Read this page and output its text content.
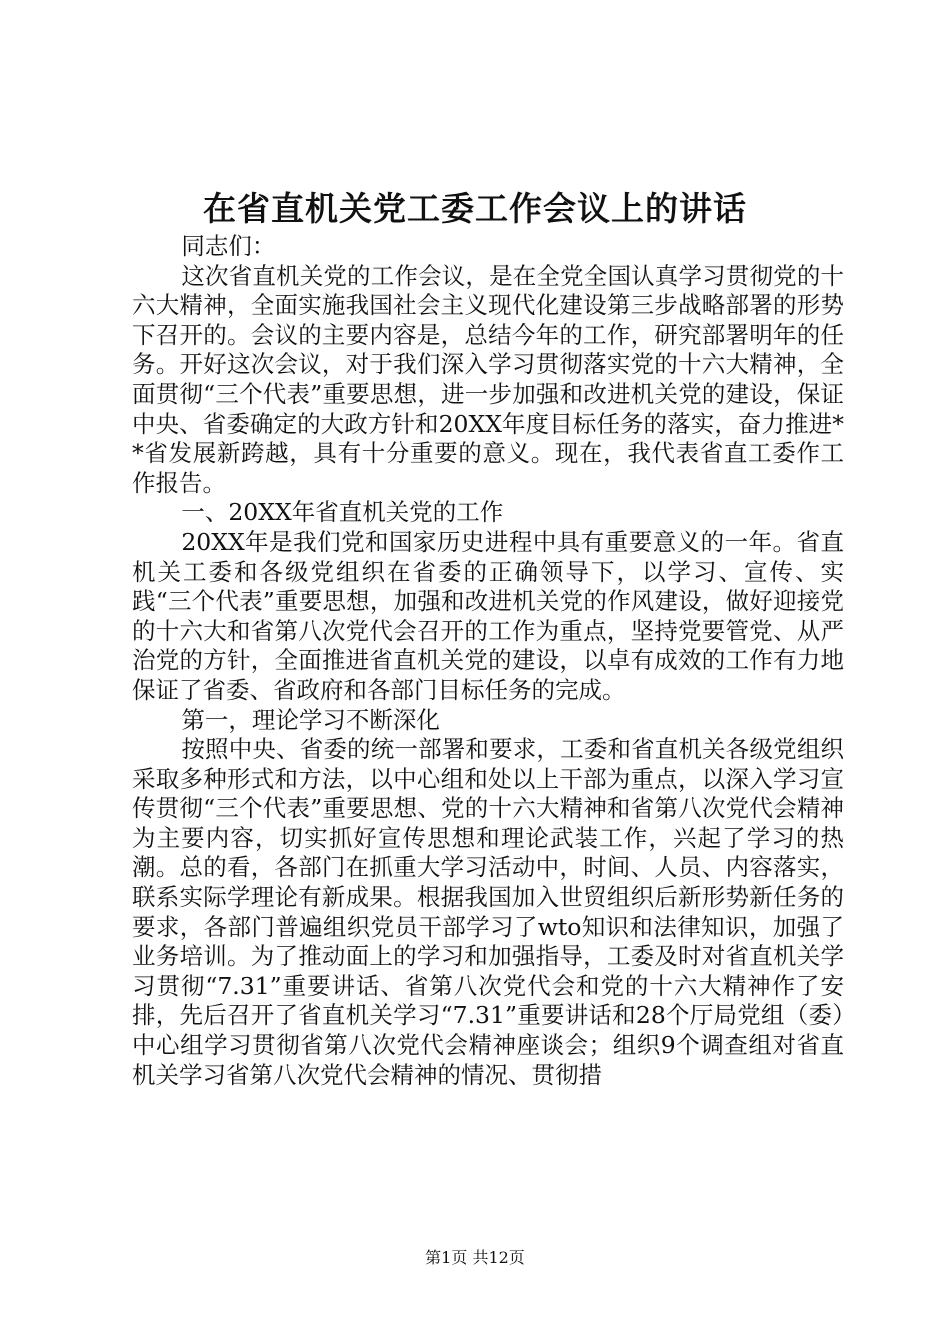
在省直机关党工委工作会议上的讲话

同志们：

这次省直机关党的工作会议，是在全党全国认真学习贯彻党的十六大精神，全面实施我国社会主义现代化建设第三步战略部署的形势下召开的。会议的主要内容是，总结今年的工作，研究部署明年的任务。开好这次会议，对于我们深入学习贯彻落实党的十六大精神，全面贯彻“三个代表”重要思想，进一步加强和改进机关党的建设，保证中央、省委确定的大政方针和20XX年度目标任务的落实，奋力推进**省发展新跨越，具有十分重要的意义。现在，我代表省直工委作工作报告。

一、20XX年省直机关党的工作

20XX年是我们党和国家历史进程中具有重要意义的一年。省直机关工委和各级党组织在省委的正确领导下，以学习、宣传、实践“三个代表”重要思想，加强和改进机关党的作风建设，做好迎接党的十六大和省第八次党代会召开的工作为重点，坚持党要管党、从严治党的方针，全面推进省直机关党的建设，以卓有成效的工作有力地保证了省委、省政府和各部门目标任务的完成。

第一，理论学习不断深化

按照中央、省委的统一部署和要求，工委和省直机关各级党组织采取多种形式和方法，以中心组和处以上干部为重点，以深入学习宣传贯彻“三个代表”重要思想、党的十六大精神和省第八次党代会精神为主要内容，切实抓好宣传思想和理论武装工作，兴起了学习的热潮。总的看，各部门在抓重大学习活动中，时间、人员、内容落实，联系实际学理论有新成果。根据我国加入世贸组织后新形势新任务的要求，各部门普遍组织党员干部学习了wto知识和法律知识，加强了业务培训。为了推动面上的学习和加强指导，工委及时对省直机关学习贯彻“7.31”重要讲话、省第八次党代会和党的十六大精神作了安排，先后召开了省直机关学习“7.31”重要讲话和28个厅局党组（委）中心组学习贯彻省第八次党代会精神座谈会；组织9个调查组对省直机关学习省第八次党代会精神的情况、贯彻措

第1页 共12页
